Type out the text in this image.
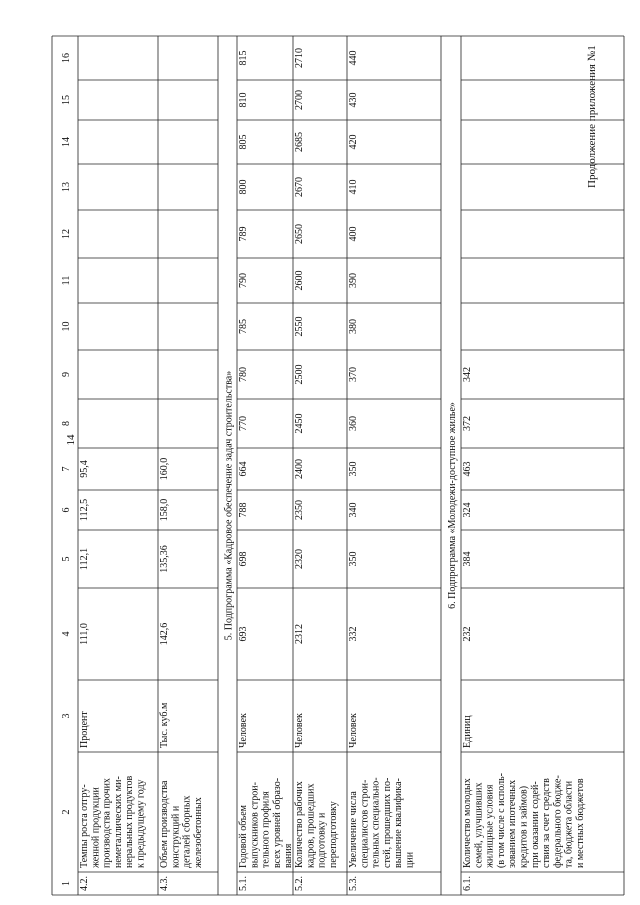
14
Продолжение приложения №1
1
2
3
4
5
6
7
8
9
10
11
12
13
14
15
16
4.2.
Темпы роста отгру- женной продукции производства прочих неметаллических ми- неральных продуктов к предыдущему году
Процент
111,0
112,1
112,5
95,4
4.3.
Объем производства конструкций и деталей сборных железобетонных
Тыс. куб.м
142,6
135,36
158,0
160,0	5. Подпрограмма «Кадровое обеспечение задач строительства»
5.1.
Годовой объем выпускников строи- тельного профиля всех уровней образо- вания
Человек
693
698
788
664
770
780
785
790
789
800
805
810
815
5.2.
Количество рабочих кадров, прошедших подготовку и переподготовку
Человек
2312
2320
2350
2400
2450
2500
2550
2600
2650
2670
2685
2700
2710
5.3.
Увеличение числа специалистов строи- тельных специально- стей, прошедших по- вышение квалифика- ции
Человек
332
350
340
350
360
370
380
390
400
410
420
430
440
6. Подпрограмма «Молодежи-доступное жилье»
6.1.
Количество молодых семей, улучшивших жилищные условия (в том числе с исполь- зованием ипотечных кредитов и займов) при оказании содей- ствия за счет средств федерального бюдже- та, бюджета области и местных бюджетов
Единиц
232
384
324
463
372
342
